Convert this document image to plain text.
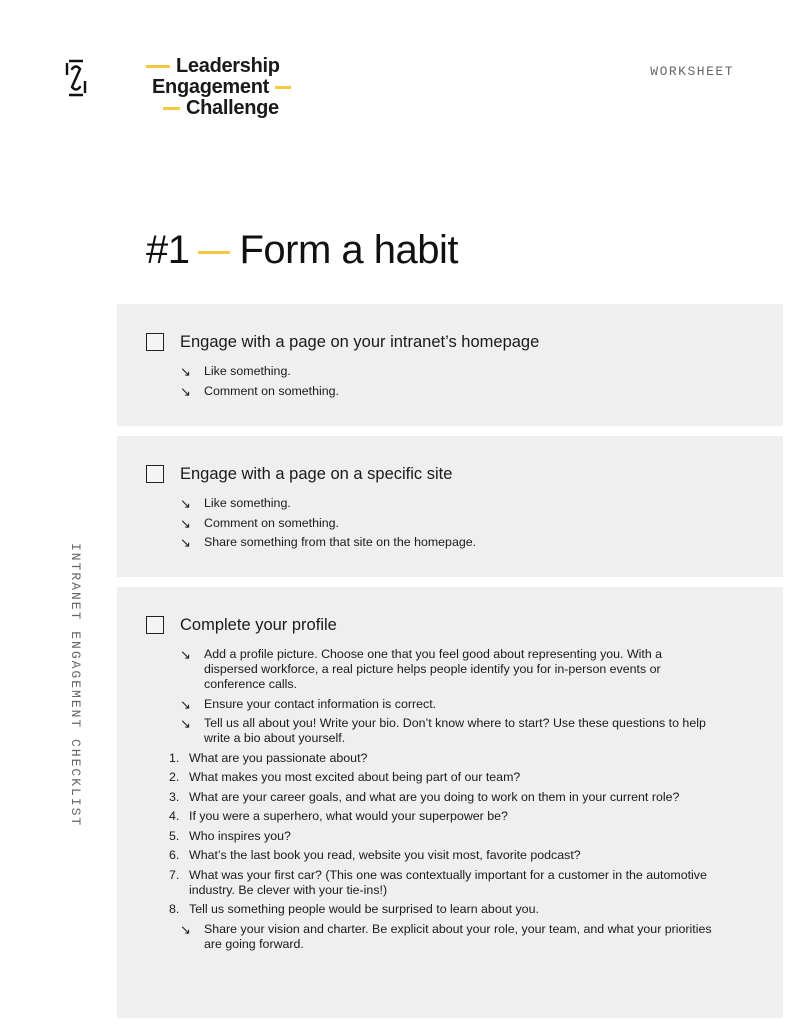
Leadership
Engagement
Challenge
WORKSHEET
INTRANET ENGAGEMENT CHECKLIST
#1 Form a habit
Engage with a page on your intranet’s homepage
↘	Like something.
↘	Comment on something.
Engage with a page on a specific site
↘	Like something.
↘	Comment on something.
↘	Share something from that site on the homepage.
Complete your profile
↘	Add a profile picture. Choose one that you feel good about representing you. With a dispersed workforce, a real picture helps people identify you for in-person events or conference calls.
↘	Ensure your contact information is correct.
↘	Tell us all about you! Write your bio. Don’t know where to start? Use these questions to help write a bio about yourself.
1. What are you passionate about?
2. What makes you most excited about being part of our team?
3. What are your career goals, and what are you doing to work on them in your current role?
4. If you were a superhero, what would your superpower be?
5. Who inspires you?
6. What’s the last book you read, website you visit most, favorite podcast?
7. What was your first car? (This one was contextually important for a customer in the automotive industry. Be clever with your tie-ins!)
8. Tell us something people would be surprised to learn about you.
↘	Share your vision and charter. Be explicit about your role, your team, and what your priorities are going forward.
